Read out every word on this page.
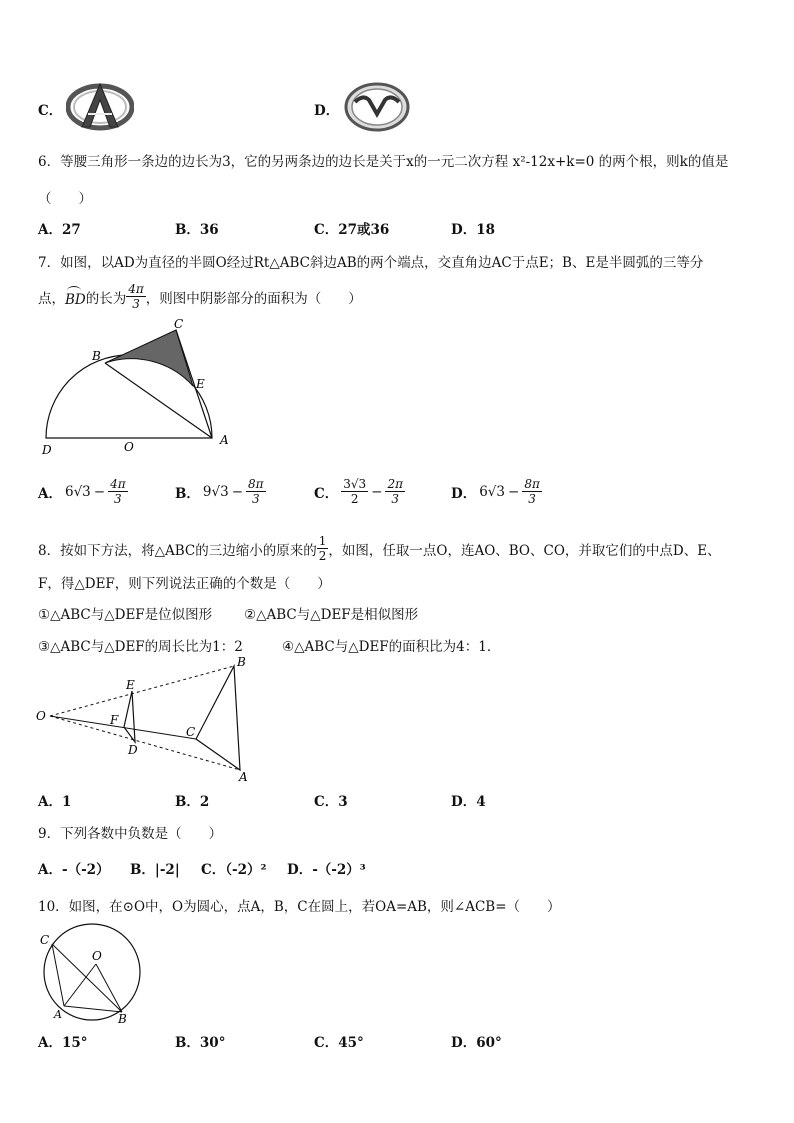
C．	D．
6．等腰三角形一条边的边长为3，它的另两条边的边长是关于x的一元二次方程 x²-12x+k=0 的两个根，则k的值是
（　　）
A．27	B．36	C．27或36	D．18
7．如图，以AD为直径的半圆O经过Rt△ABC斜边AB的两个端点，交直角边AC于点E；B、E是半圆弧的三等分
点， BD 的长为 $\frac{4\pi}{3}$ ，则图中阴影部分的面积为（　　）
B
C
E
D	O	A
A． $6√3 - \frac{4\pi}{3}$	B． $9√3 - \frac{8\pi}{3}$	C． $\frac{3√3}{2} - \frac{2\pi}{3}$	D． $6√3 - \frac{8\pi}{3}$
8．按如下方法，将△ABC的三边缩小的原来的 $\frac{1}{2}$ ，如图，任取一点O，连AO、BO、CO，并取它们的中点D、E、
F，得△DEF，则下列说法正确的个数是（　　）
①△ABC与△DEF是位似图形 ②△ABC与△DEF是相似图形
③△ABC与△DEF的周长比为1：2	④△ABC与△DEF的面积比为4：1．
O
E
F
D
C
B
A
A．1	B．2	C．3	D．4
9．下列各数中负数是（　　）
A．-（-2） B．|-2| C．（-2）² D．-（-2）³
10．如图，在⊙O中，O为圆心，点A，B，C在圆上，若OA=AB，则∠ACB=（　　）
C
O
A	B
A．15°	B．30°	C．45°	D．60°
